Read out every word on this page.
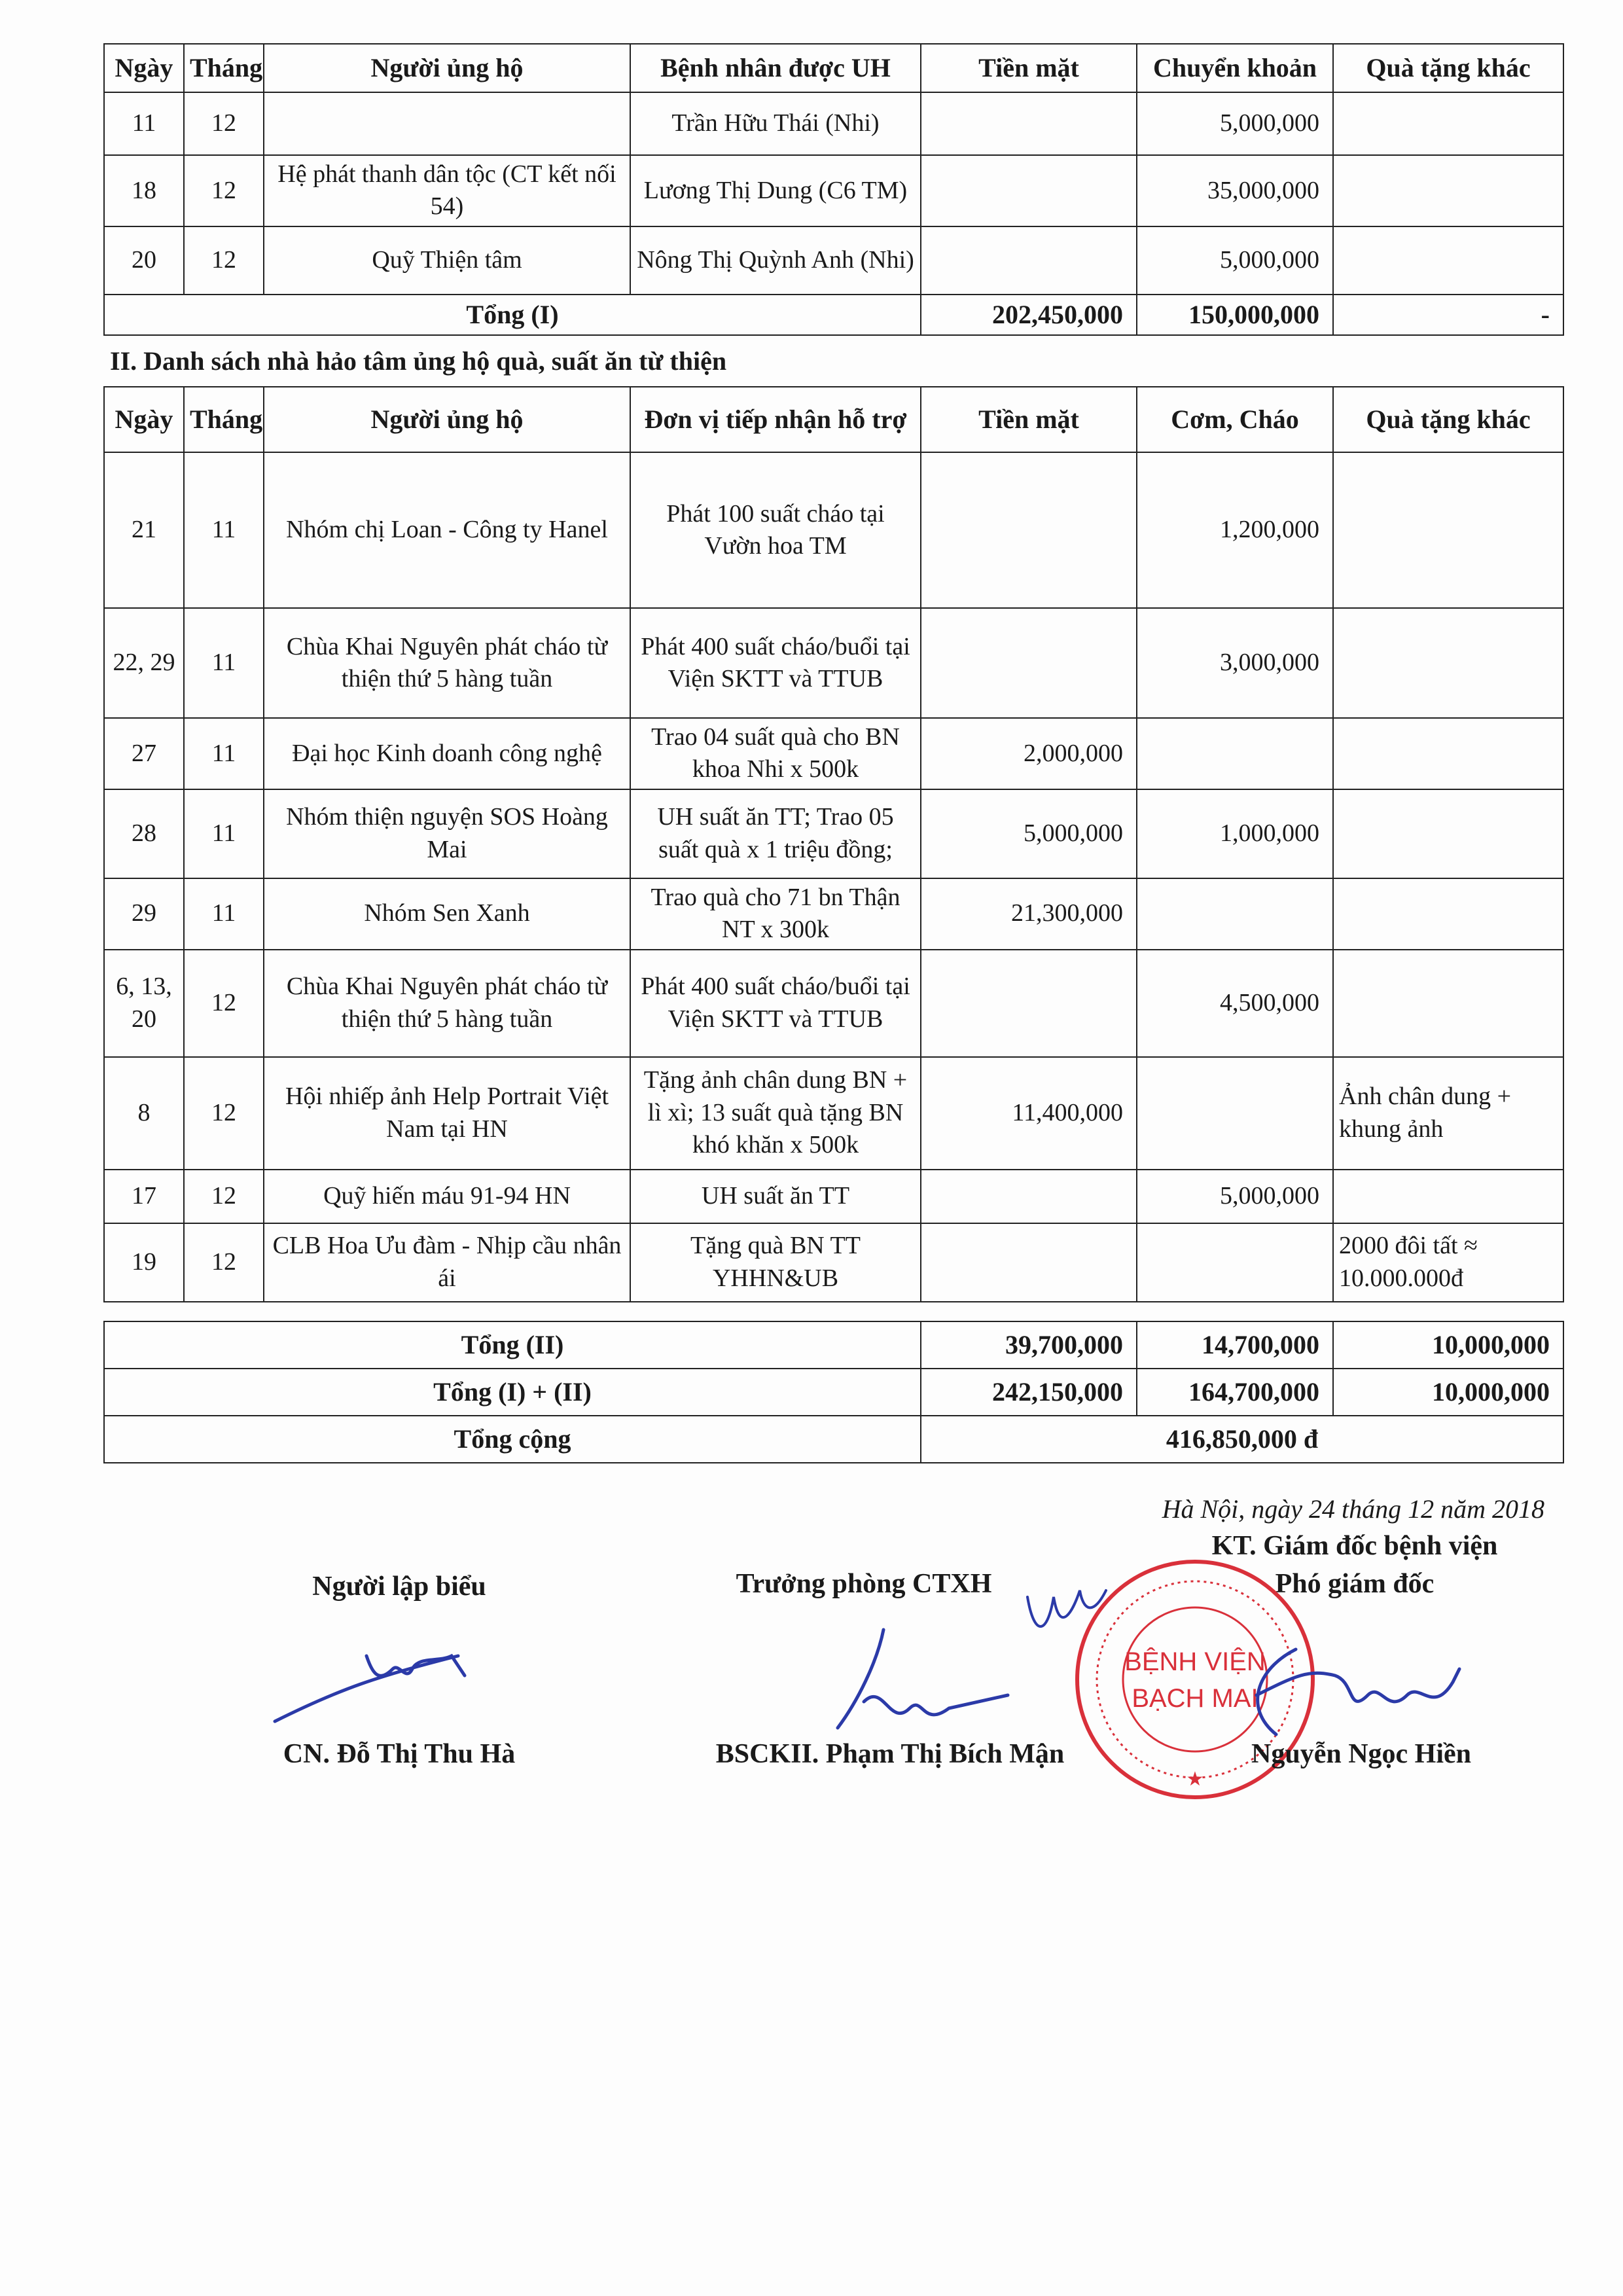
Ngày	Tháng	Người ủng hộ	Bệnh nhân được UH	Tiền mặt	Chuyển khoản	Quà tặng khác
11	12		Trần Hữu Thái (Nhi)		5,000,000	
18	12	Hệ phát thanh dân tộc (CT kết nối 54)	Lương Thị Dung (C6 TM)		35,000,000	
20	12	Quỹ Thiện tâm	Nông Thị Quỳnh Anh (Nhi)		5,000,000	
Tổng (I)				202,450,000	150,000,000	-
II. Danh sách nhà hảo tâm ủng hộ quà, suất ăn từ thiện
Ngày	Tháng	Người ủng hộ	Đơn vị tiếp nhận hỗ trợ	Tiền mặt	Cơm, Cháo	Quà tặng khác
21	11	Nhóm chị Loan - Công ty Hanel	Phát 100 suất cháo tại Vườn hoa TM		1,200,000	
22, 29	11	Chùa Khai Nguyên phát cháo từ thiện thứ 5 hàng tuần	Phát 400 suất cháo/buổi tại Viện SKTT và TTUB		3,000,000	
27	11	Đại học Kinh doanh công nghệ	Trao 04 suất quà cho BN khoa Nhi x 500k	2,000,000		
28	11	Nhóm thiện nguyện SOS Hoàng Mai	UH suất ăn TT; Trao 05 suất quà x 1 triệu đồng;	5,000,000	1,000,000	
29	11	Nhóm Sen Xanh	Trao quà cho 71 bn Thận NT x 300k	21,300,000		
6, 13, 20	12	Chùa Khai Nguyên phát cháo từ thiện thứ 5 hàng tuần	Phát 400 suất cháo/buổi tại Viện SKTT và TTUB		4,500,000	
8	12	Hội nhiếp ảnh Help Portrait Việt Nam tại HN	Tặng ảnh chân dung BN + lì xì; 13 suất quà tặng BN khó khăn x 500k	11,400,000		Ảnh chân dung + khung ảnh
17	12	Quỹ hiến máu 91-94 HN	UH suất ăn TT		5,000,000	
19	12	CLB Hoa Ưu đàm - Nhịp cầu nhân ái	Tặng quà BN TT YHHN&UB			2000 đôi tất ≈ 10.000.000đ
Tổng (II)	39,700,000	14,700,000	10,000,000
Tổng (I) + (II)	242,150,000	164,700,000	10,000,000
Tổng cộng	416,850,000 đ		
Hà Nội, ngày 24 tháng 12 năm 2018
KT. Giám đốc bệnh viện
Phó giám đốc
Người lập biểu	Trưởng phòng CTXH
BỆNH VIỆN
BẠCH MAI
★
CN. Đỗ Thị Thu Hà	BSCKII. Phạm Thị Bích Mận	Nguyễn Ngọc Hiền
